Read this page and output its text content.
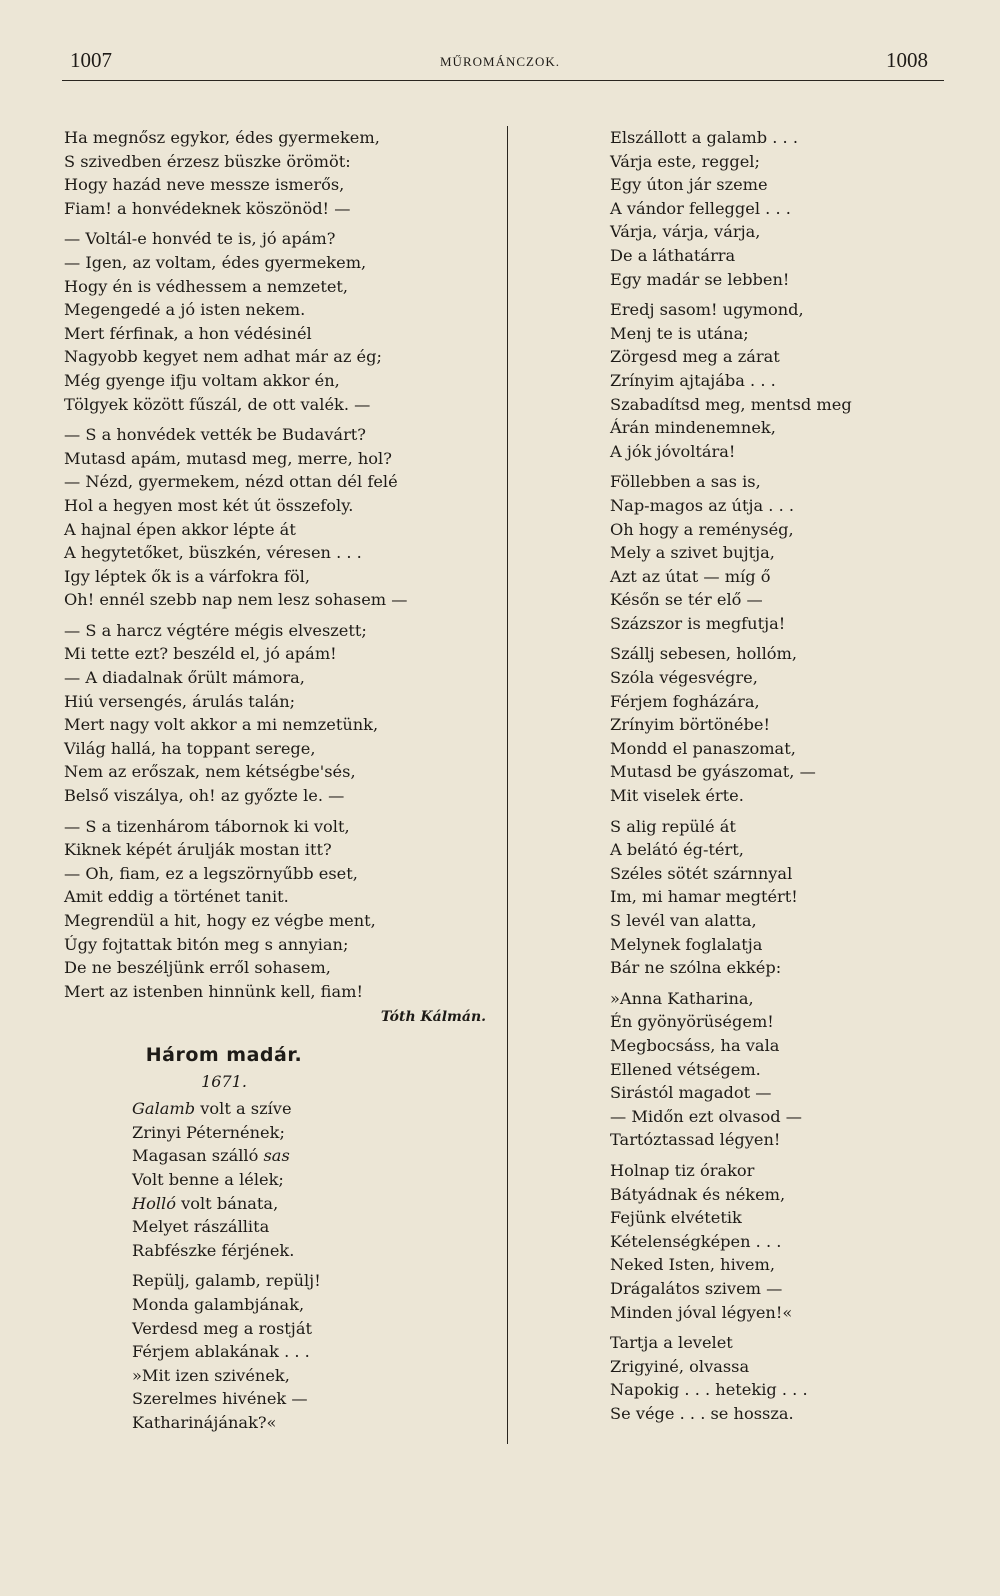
1007	MŰROMÁNCZOK.	1008
Ha megnősz egykor, édes gyermekem,
S szivedben érzesz büszke örömöt:
Hogy hazád neve messze ismerős,
Fiam! a honvédeknek köszönöd! —
— Voltál-e honvéd te is, jó apám?
— Igen, az voltam, édes gyermekem,
Hogy én is védhessem a nemzetet,
Megengedé a jó isten nekem.
Mert férfinak, a hon védésinél
Nagyobb kegyet nem adhat már az ég;
Még gyenge ifju voltam akkor én,
Tölgyek között fűszál, de ott valék. —
— S a honvédek vették be Budavárt?
Mutasd apám, mutasd meg, merre, hol?
— Nézd, gyermekem, nézd ottan dél felé
Hol a hegyen most két út összefoly.
A hajnal épen akkor lépte át
A hegytetőket, büszkén, véresen . . .
Igy léptek ők is a várfokra föl,
Oh! ennél szebb nap nem lesz sohasem —
— S a harcz végtére mégis elveszett;
Mi tette ezt? beszéld el, jó apám!
— A diadalnak őrült mámora,
Hiú versengés, árulás talán;
Mert nagy volt akkor a mi nemzetünk,
Világ hallá, ha toppant serege,
Nem az erőszak, nem kétségbe'sés,
Belső viszálya, oh! az győzte le. —
— S a tizenhárom tábornok ki volt,
Kiknek képét árulják mostan itt?
— Oh, fiam, ez a legszörnyűbb eset,
Amit eddig a történet tanit.
Megrendül a hit, hogy ez végbe ment,
Úgy fojtattak bitón meg s annyian;
De ne beszéljünk erről sohasem,
Mert az istenben hinnünk kell, fiam!
Tóth Kálmán.
Három madár.
1671.
Galamb volt a szíve
Zrinyi Péternének;
Magasan szálló sas
Volt benne a lélek;
Holló volt bánata,
Melyet rászállita
Rabfészke férjének.
Repülj, galamb, repülj!
Monda galambjának,
Verdesd meg a rostját
Férjem ablakának . . .
»Mit izen szivének,
Szerelmes hivének —
Katharinájának?«
Elszállott a galamb . . .
Várja este, reggel;
Egy úton jár szeme
A vándor felleggel . . .
Várja, várja, várja,
De a láthatárra
Egy madár se lebben!
Eredj sasom! ugymond,
Menj te is utána;
Zörgesd meg a zárat
Zrínyim ajtajába . . .
Szabadítsd meg, mentsd meg
Árán mindenemnek,
A jók jóvoltára!
Föllebben a sas is,
Nap-magos az útja . . .
Oh hogy a reménység,
Mely a szivet bujtja,
Azt az útat — míg ő
Későn se tér elő —
Százszor is megfutja!
Szállj sebesen, hollóm,
Szóla végesvégre,
Férjem fogházára,
Zrínyim börtönébe!
Mondd el panaszomat,
Mutasd be gyászomat, —
Mit viselek érte.
S alig repülé át
A belátó ég-tért,
Széles sötét szárnnyal
Im, mi hamar megtért!
S levél van alatta,
Melynek foglalatja
Bár ne szólna ekkép:
»Anna Katharina,
Én gyönyörüségem!
Megbocsáss, ha vala
Ellened vétségem.
Sirástól magadot —
— Midőn ezt olvasod —
Tartóztassad légyen!
Holnap tiz órakor
Bátyádnak és nékem,
Fejünk elvétetik
Kételenségképen . . .
Neked Isten, hivem,
Drágalátos szivem —
Minden jóval légyen!«
Tartja a levelet
Zrigyiné, olvassa
Napokig . . . hetekig . . .
Se vége . . . se hossza.
